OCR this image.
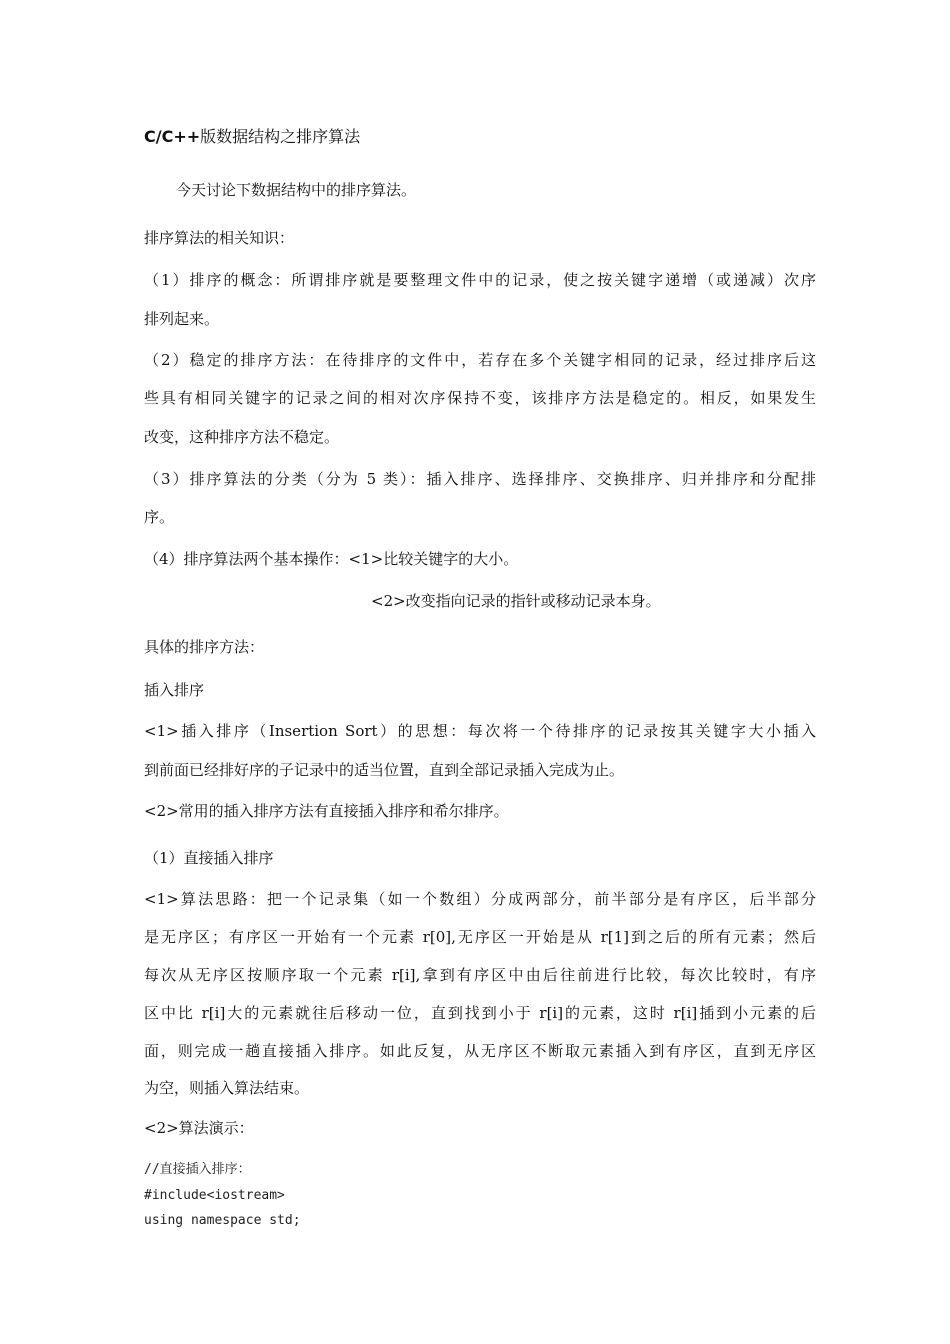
C/C++版数据结构之排序算法
今天讨论下数据结构中的排序算法。
排序算法的相关知识：
（1）排序的概念：所谓排序就是要整理文件中的记录，使之按关键字递增（或递减）次序
排列起来。
（2）稳定的排序方法：在待排序的文件中，若存在多个关键字相同的记录，经过排序后这
些具有相同关键字的记录之间的相对次序保持不变，该排序方法是稳定的。相反，如果发生
改变，这种排序方法不稳定。
（3）排序算法的分类（分为 5 类）：插入排序、选择排序、交换排序、归并排序和分配排
序。
（4）排序算法两个基本操作：<1>比较关键字的大小。
<2>改变指向记录的指针或移动记录本身。
具体的排序方法：
插入排序
<1>插入排序（Insertion Sort）的思想：每次将一个待排序的记录按其关键字大小插入
到前面已经排好序的子记录中的适当位置，直到全部记录插入完成为止。
<2>常用的插入排序方法有直接插入排序和希尔排序。
（1）直接插入排序
<1>算法思路：把一个记录集（如一个数组）分成两部分，前半部分是有序区，后半部分
是无序区；有序区一开始有一个元素 r[0],无序区一开始是从 r[1]到之后的所有元素；然后
每次从无序区按顺序取一个元素 r[i],拿到有序区中由后往前进行比较，每次比较时，有序
区中比 r[i]大的元素就往后移动一位，直到找到小于 r[i]的元素，这时 r[i]插到小元素的后
面，则完成一趟直接插入排序。如此反复，从无序区不断取元素插入到有序区，直到无序区
为空，则插入算法结束。
<2>算法演示：
//直接插入排序：
#include<iostream>
using namespace std;
